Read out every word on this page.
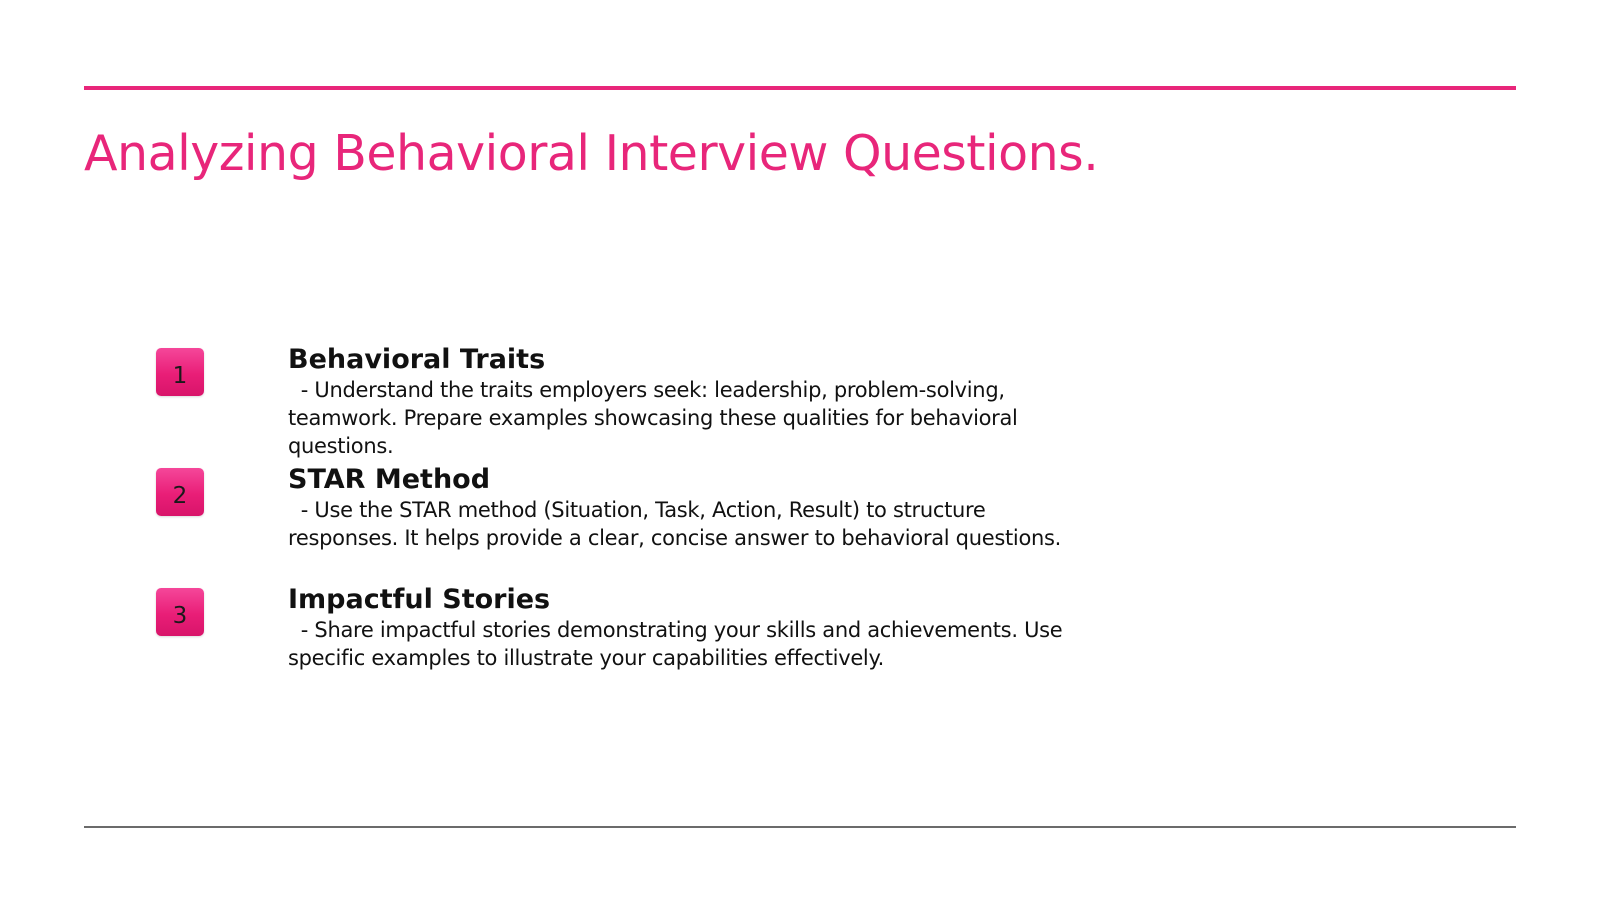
Analyzing Behavioral Interview Questions.
1
Behavioral Traits

- Understand the traits employers seek: leadership, problem-solving, teamwork. Prepare examples showcasing these qualities for behavioral questions.

2
STAR Method

- Use the STAR method (Situation, Task, Action, Result) to structure responses. It helps provide a clear, concise answer to behavioral questions.

3
Impactful Stories

- Share impactful stories demonstrating your skills and achievements. Use specific examples to illustrate your capabilities effectively.
